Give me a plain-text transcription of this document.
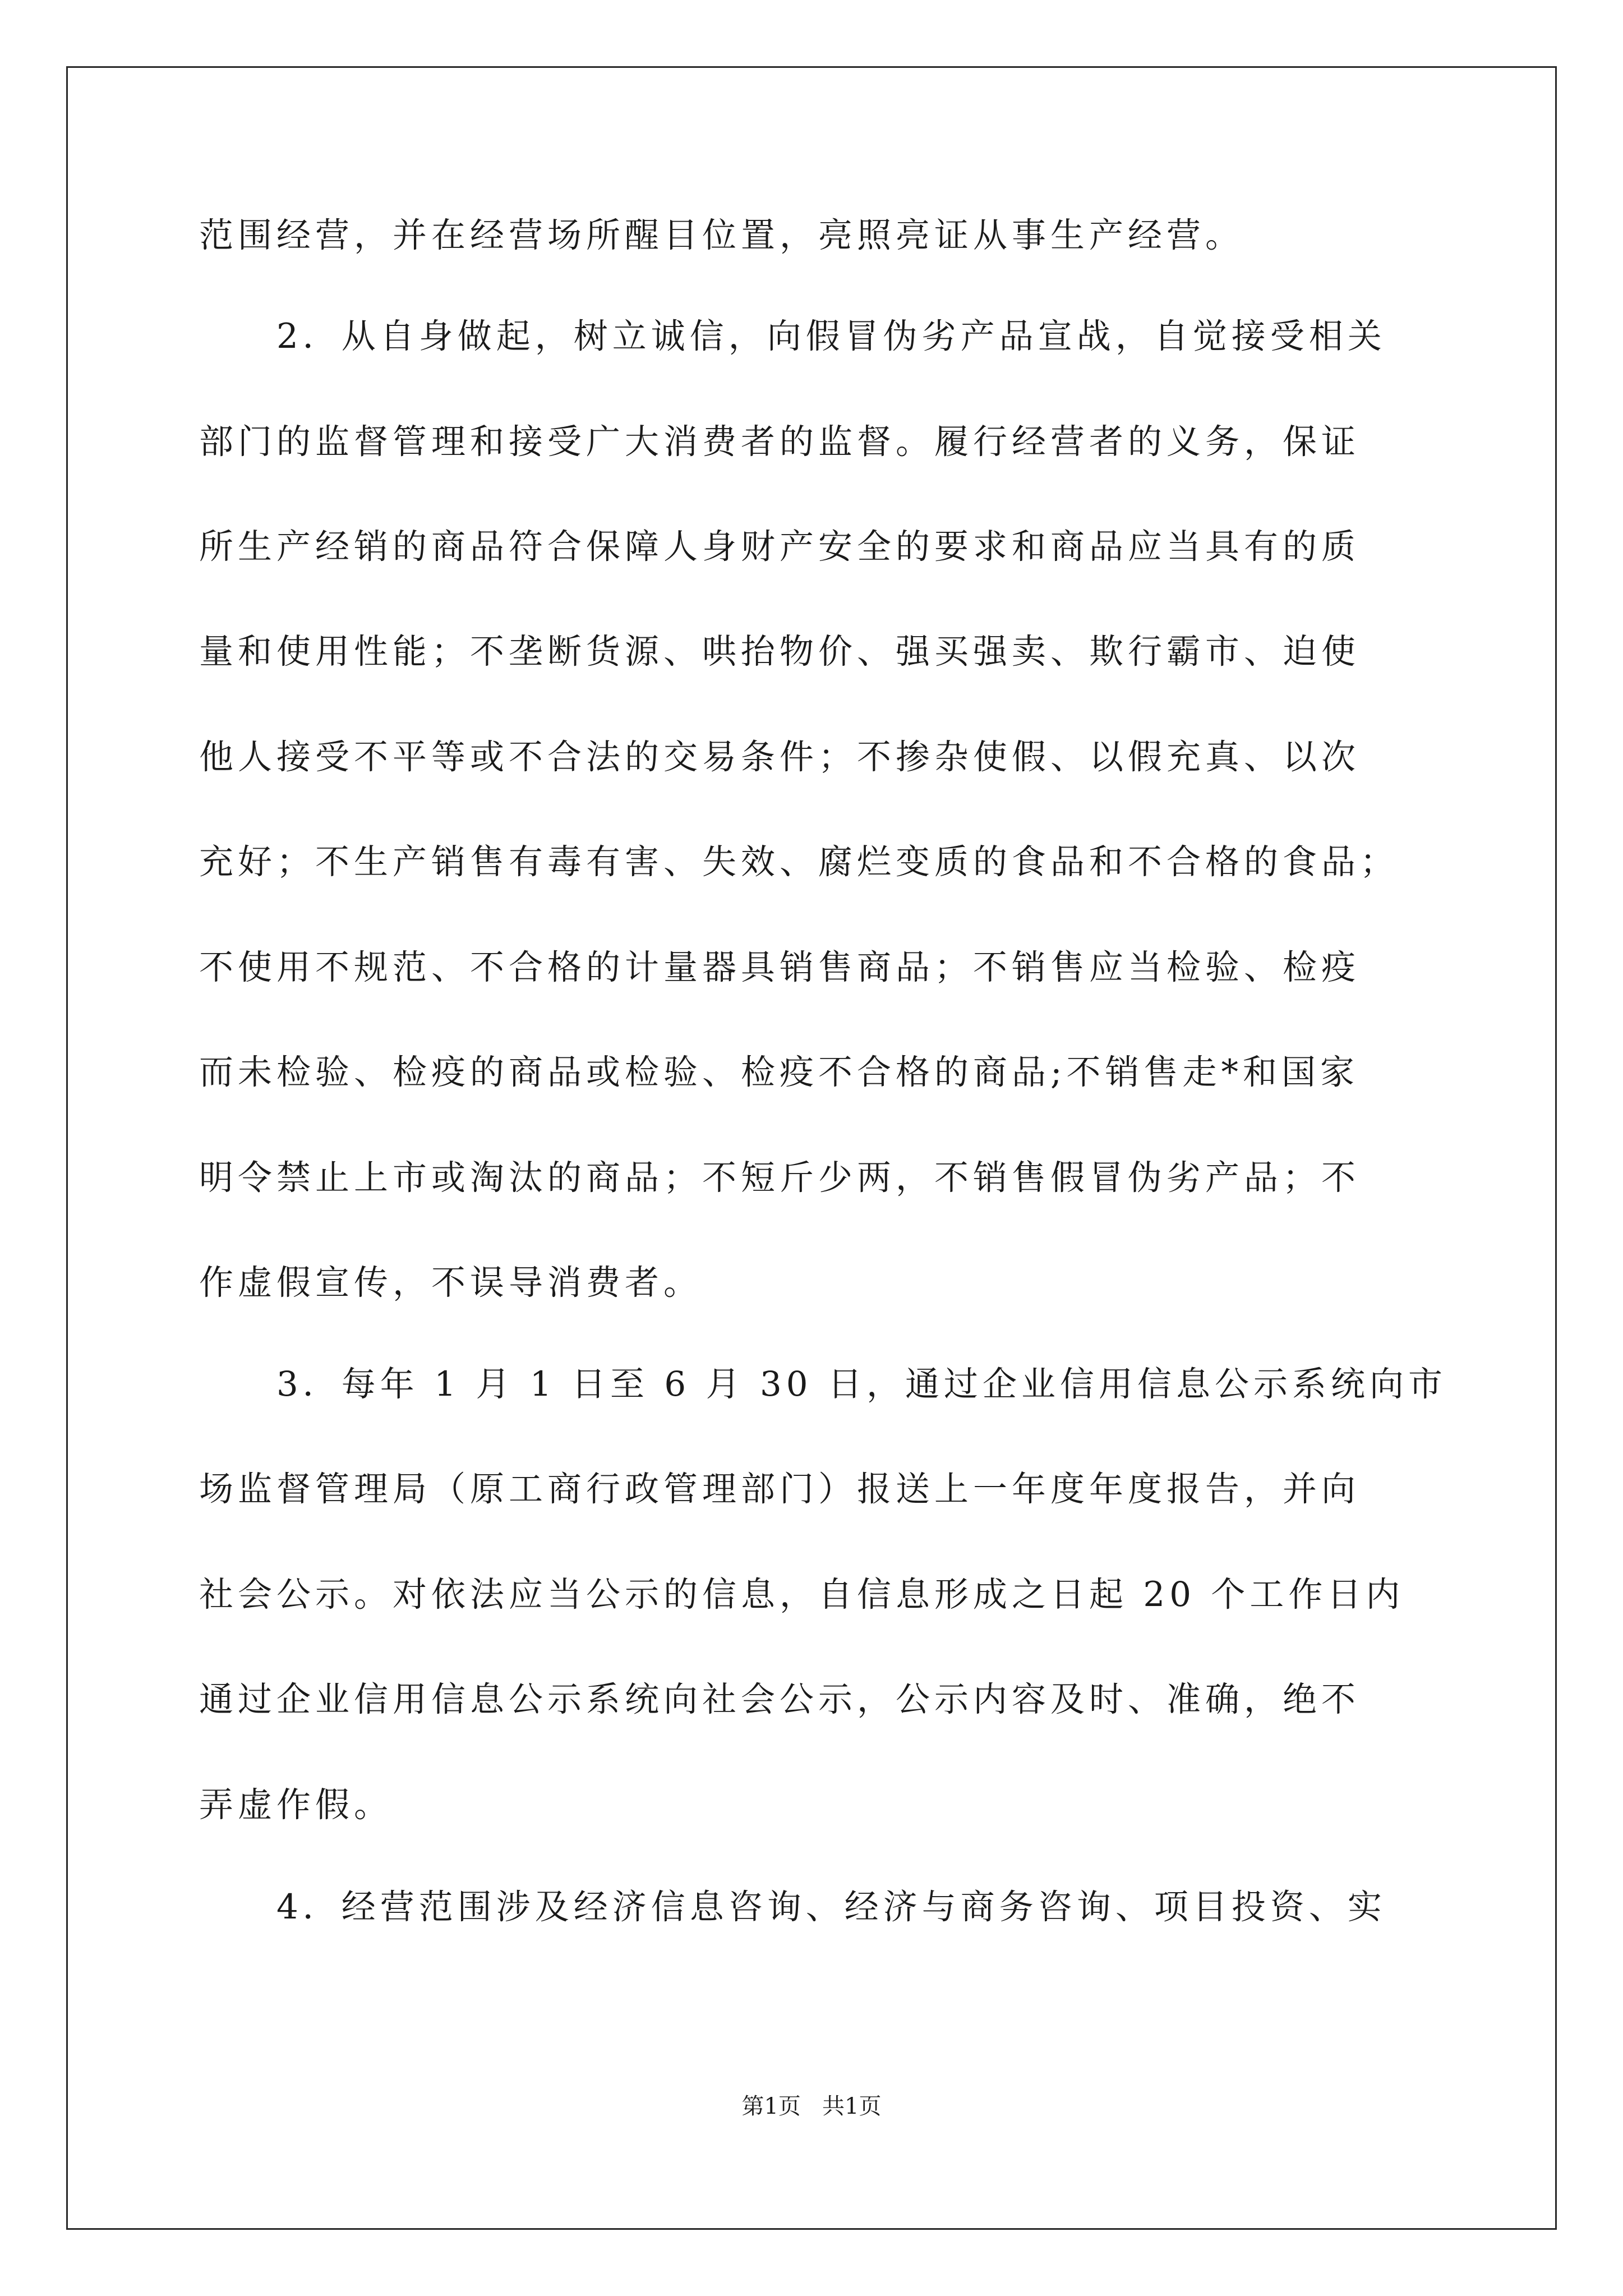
范围经营，并在经营场所醒目位置，亮照亮证从事生产经营。
　　2．从自身做起，树立诚信，向假冒伪劣产品宣战，自觉接受相关
部门的监督管理和接受广大消费者的监督。履行经营者的义务，保证
所生产经销的商品符合保障人身财产安全的要求和商品应当具有的质
量和使用性能；不垄断货源、哄抬物价、强买强卖、欺行霸市、迫使
他人接受不平等或不合法的交易条件；不掺杂使假、以假充真、以次
充好；不生产销售有毒有害、失效、腐烂变质的食品和不合格的食品；
不使用不规范、不合格的计量器具销售商品；不销售应当检验、检疫
而未检验、检疫的商品或检验、检疫不合格的商品;不销售走*和国家
明令禁止上市或淘汰的商品；不短斤少两，不销售假冒伪劣产品；不
作虚假宣传，不误导消费者。
　　3．每年 1 月 1 日至 6 月 30 日，通过企业信用信息公示系统向市
场监督管理局（原工商行政管理部门）报送上一年度年度报告，并向
社会公示。对依法应当公示的信息，自信息形成之日起 20 个工作日内
通过企业信用信息公示系统向社会公示，公示内容及时、准确，绝不
弄虚作假。
　　4．经营范围涉及经济信息咨询、经济与商务咨询、项目投资、实
第1页   共1页
